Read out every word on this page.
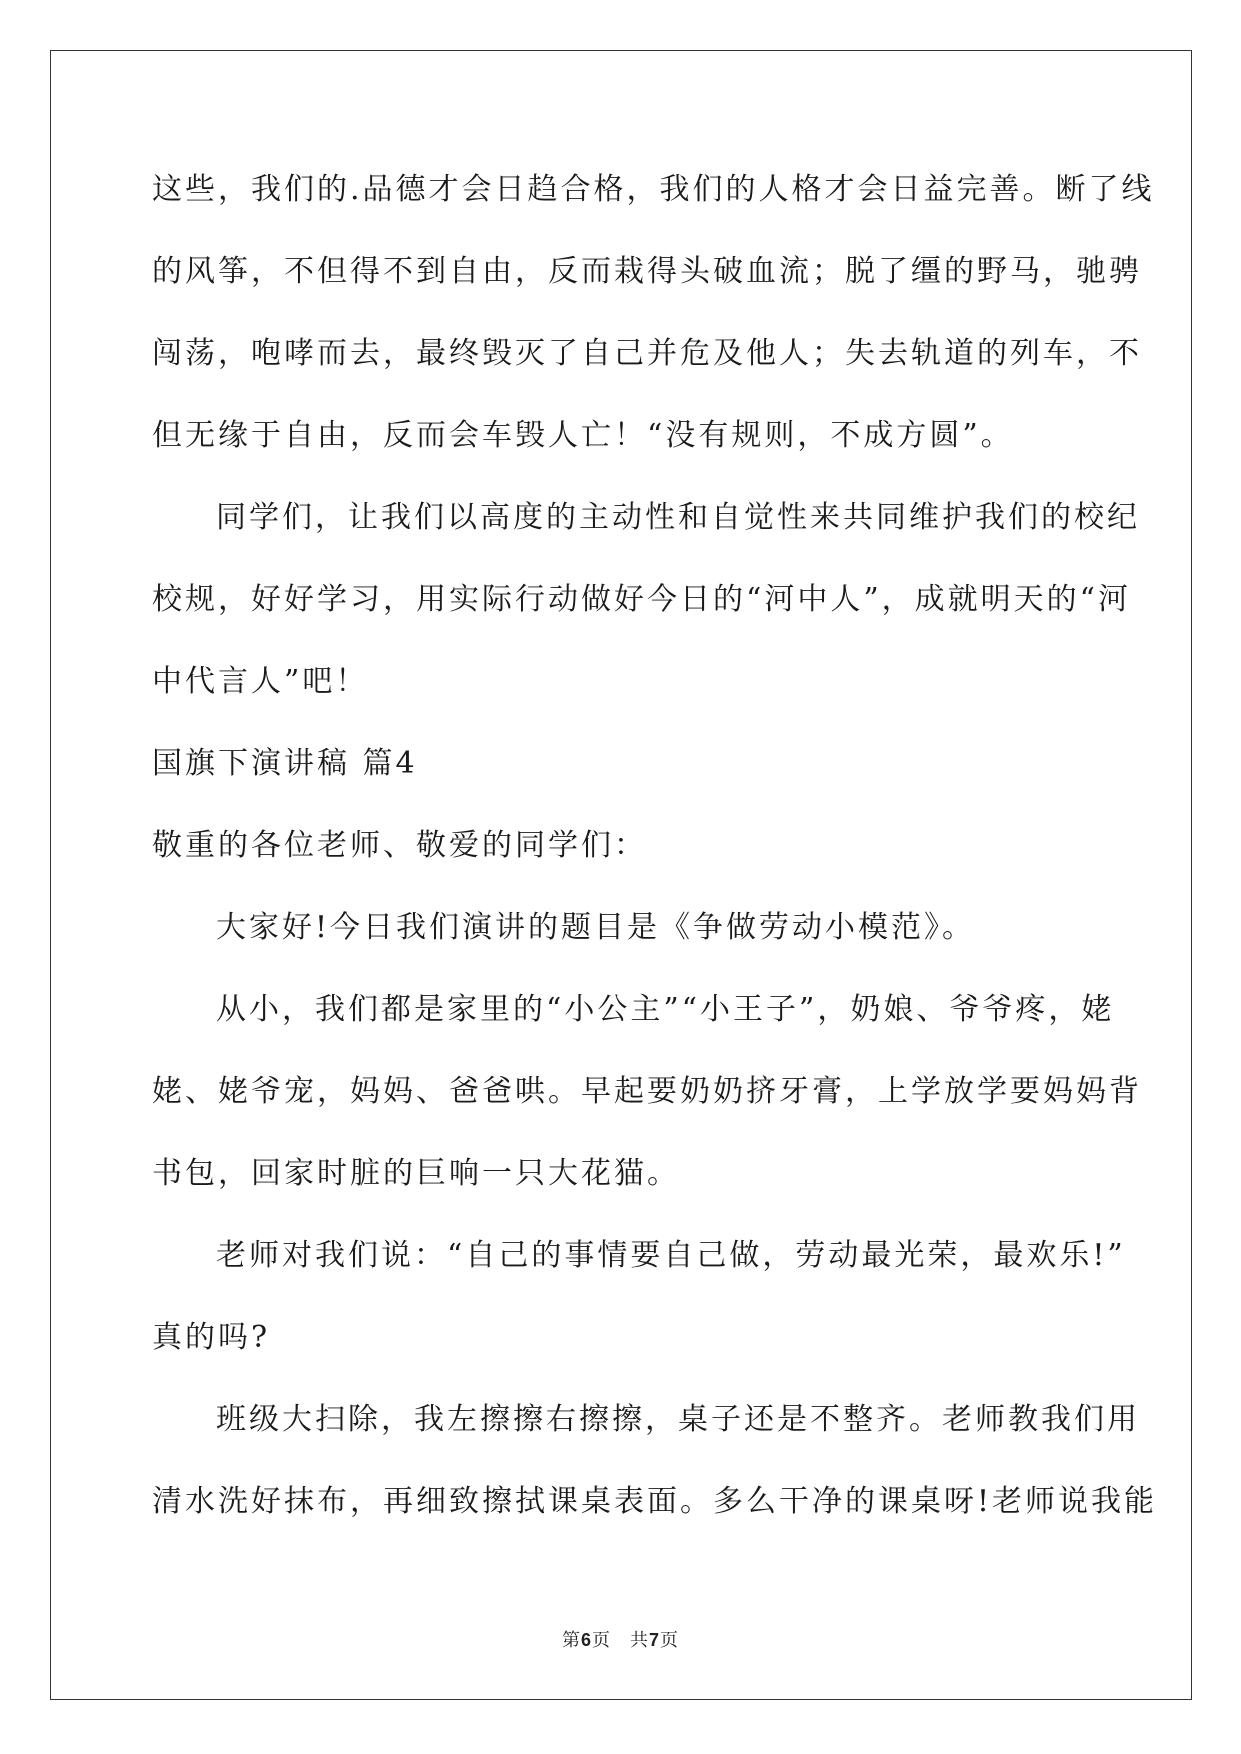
这些，我们的.品德才会日趋合格，我们的人格才会日益完善。断了线
的风筝，不但得不到自由，反而栽得头破血流；脱了缰的野马，驰骋
闯荡，咆哮而去，最终毁灭了自己并危及他人；失去轨道的列车，不
但无缘于自由，反而会车毁人亡！“没有规则，不成方圆”。
同学们，让我们以高度的主动性和自觉性来共同维护我们的校纪
校规，好好学习，用实际行动做好今日的“河中人”，成就明天的“河
中代言人”吧！
国旗下演讲稿 篇4
敬重的各位老师、敬爱的同学们：
大家好!今日我们演讲的题目是《争做劳动小模范》。
从小，我们都是家里的“小公主”“小王子”，奶娘、爷爷疼，姥
姥、姥爷宠，妈妈、爸爸哄。早起要奶奶挤牙膏，上学放学要妈妈背
书包，回家时脏的巨响一只大花猫。
老师对我们说：“自己的事情要自己做，劳动最光荣，最欢乐!”
真的吗?
班级大扫除，我左擦擦右擦擦，桌子还是不整齐。老师教我们用
清水洗好抹布，再细致擦拭课桌表面。多么干净的课桌呀!老师说我能
第6页　共7页
